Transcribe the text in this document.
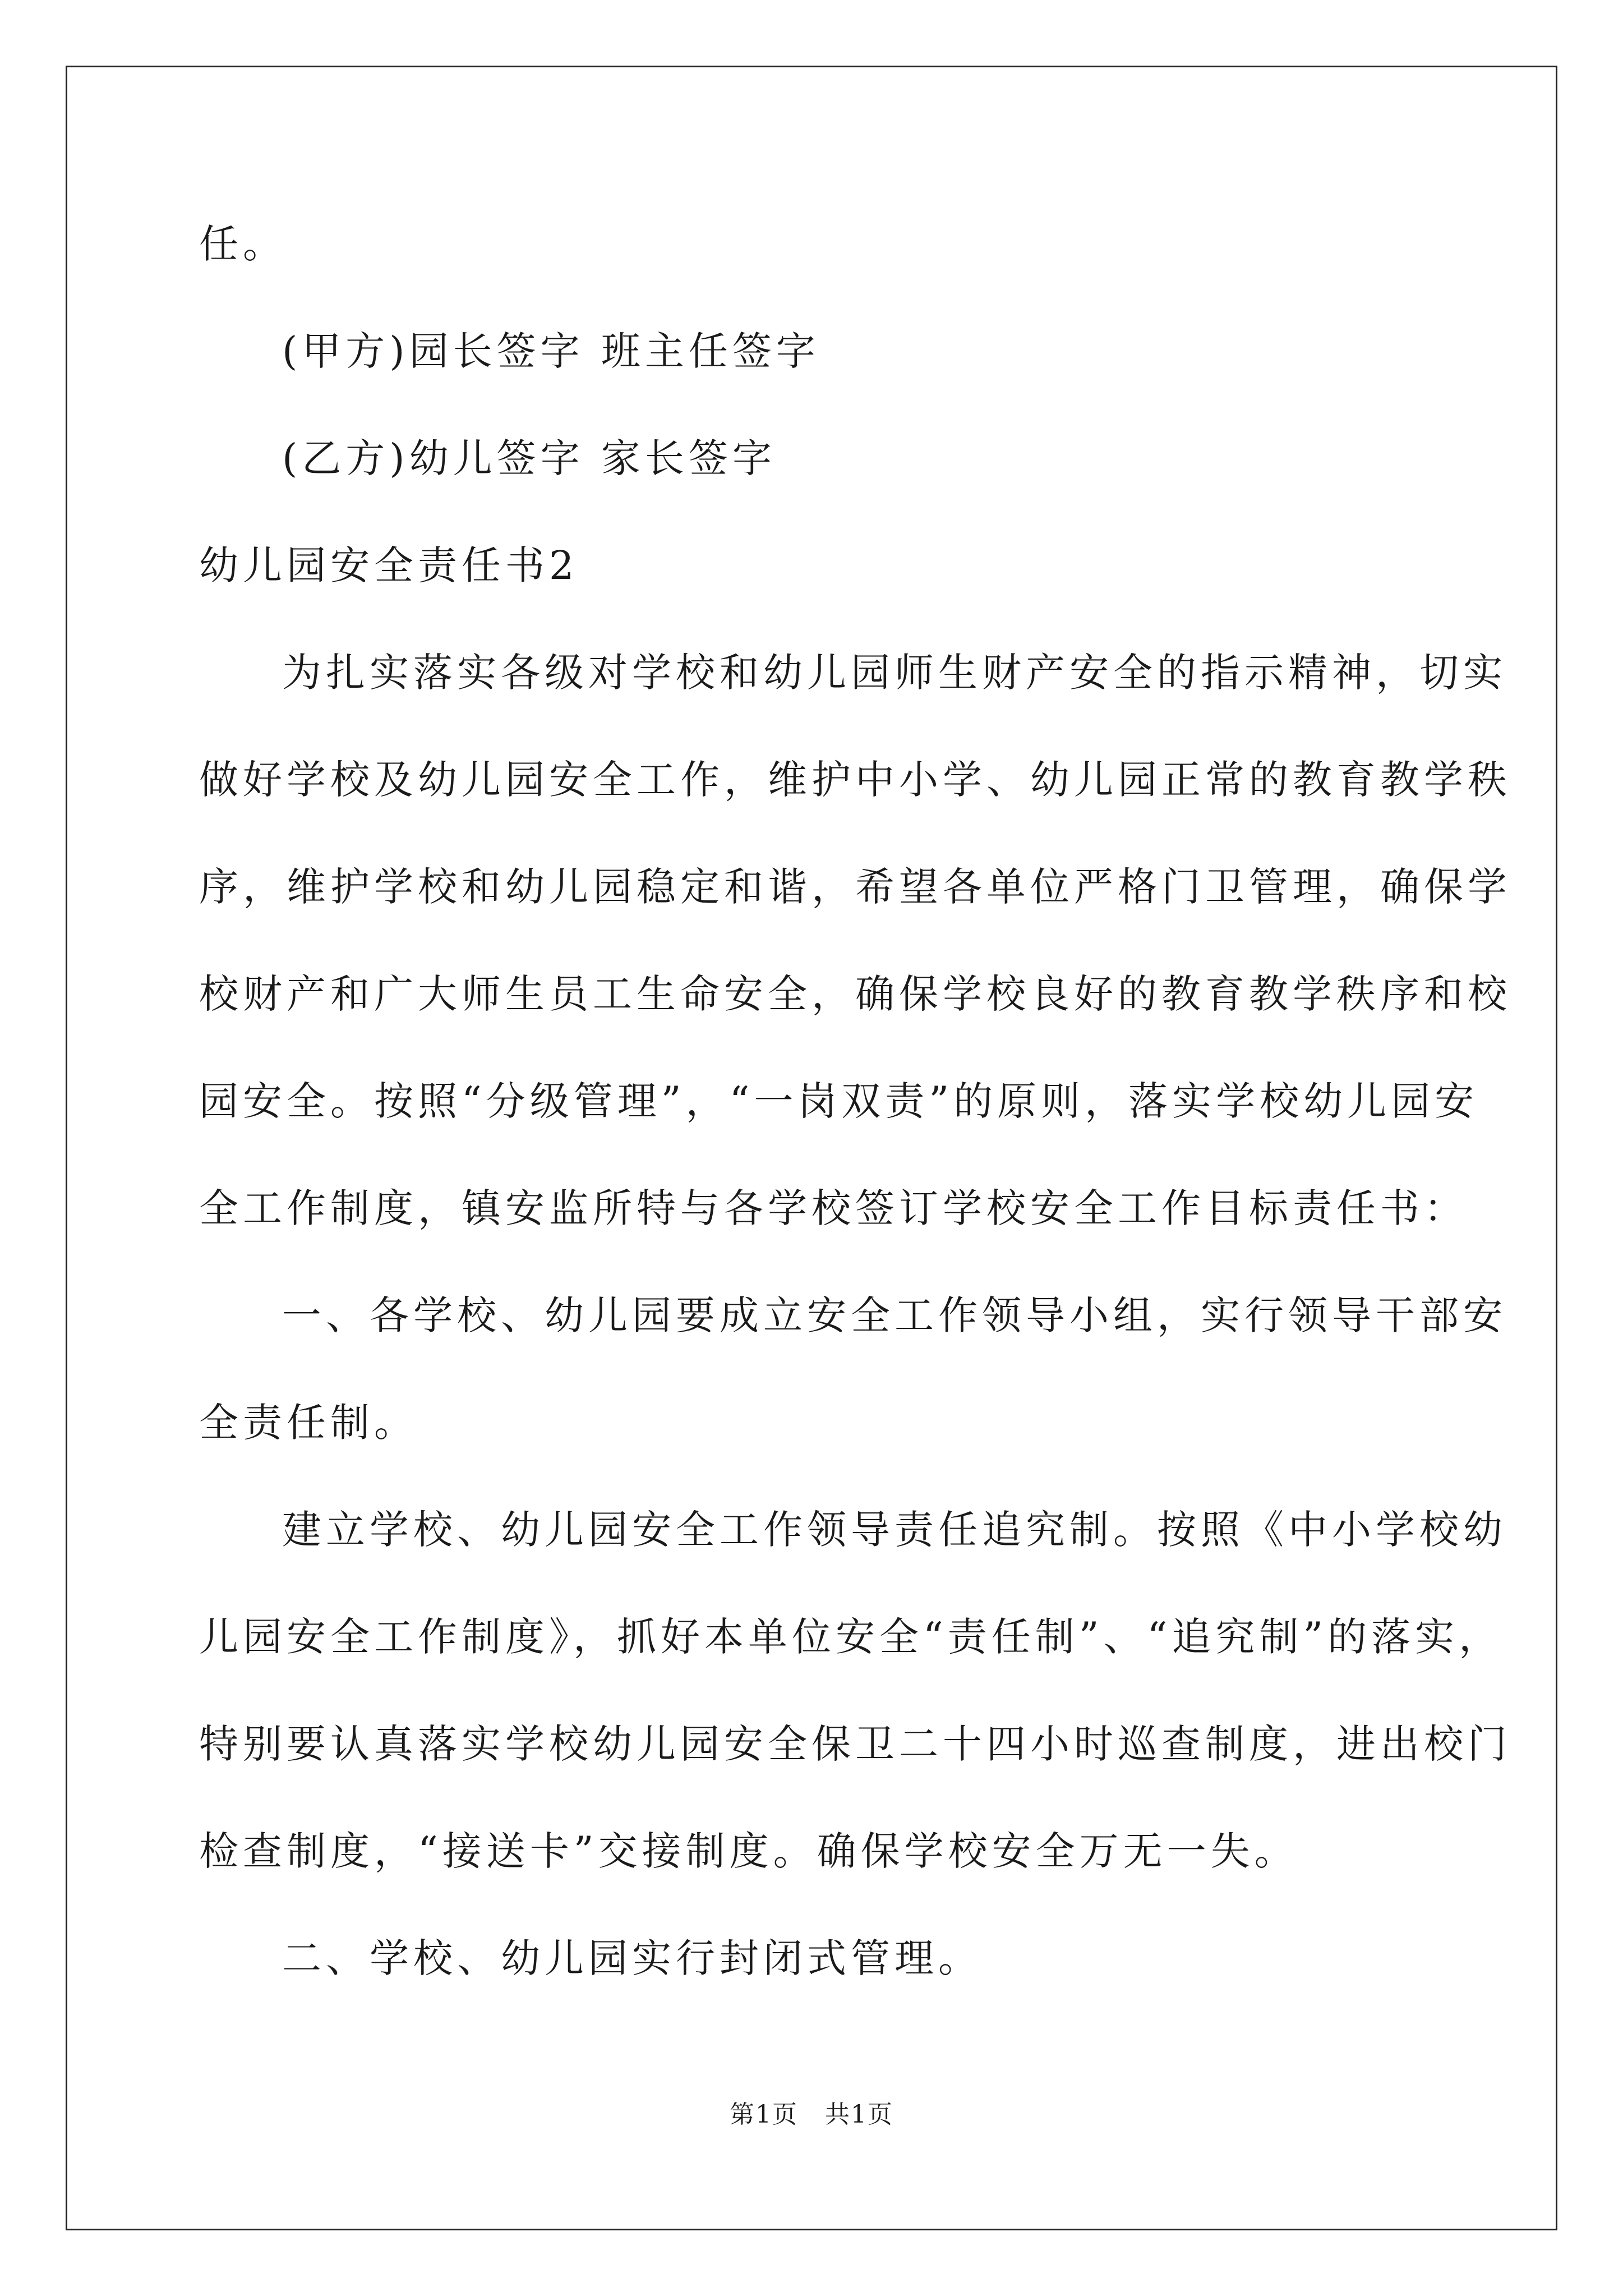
任。
(甲方)园长签字 班主任签字
(乙方)幼儿签字 家长签字
幼儿园安全责任书2
为扎实落实各级对学校和幼儿园师生财产安全的指示精神，切实
做好学校及幼儿园安全工作，维护中小学、幼儿园正常的教育教学秩
序，维护学校和幼儿园稳定和谐，希望各单位严格门卫管理，确保学
校财产和广大师生员工生命安全，确保学校良好的教育教学秩序和校
园安全。按照“分级管理”，“一岗双责”的原则，落实学校幼儿园安
全工作制度，镇安监所特与各学校签订学校安全工作目标责任书：
一、各学校、幼儿园要成立安全工作领导小组，实行领导干部安
全责任制。
建立学校、幼儿园安全工作领导责任追究制。按照《中小学校幼
儿园安全工作制度》，抓好本单位安全“责任制”、“追究制”的落实，
特别要认真落实学校幼儿园安全保卫二十四小时巡查制度，进出校门
检查制度，“接送卡”交接制度。确保学校安全万无一失。
二、学校、幼儿园实行封闭式管理。
第1页 共1页
